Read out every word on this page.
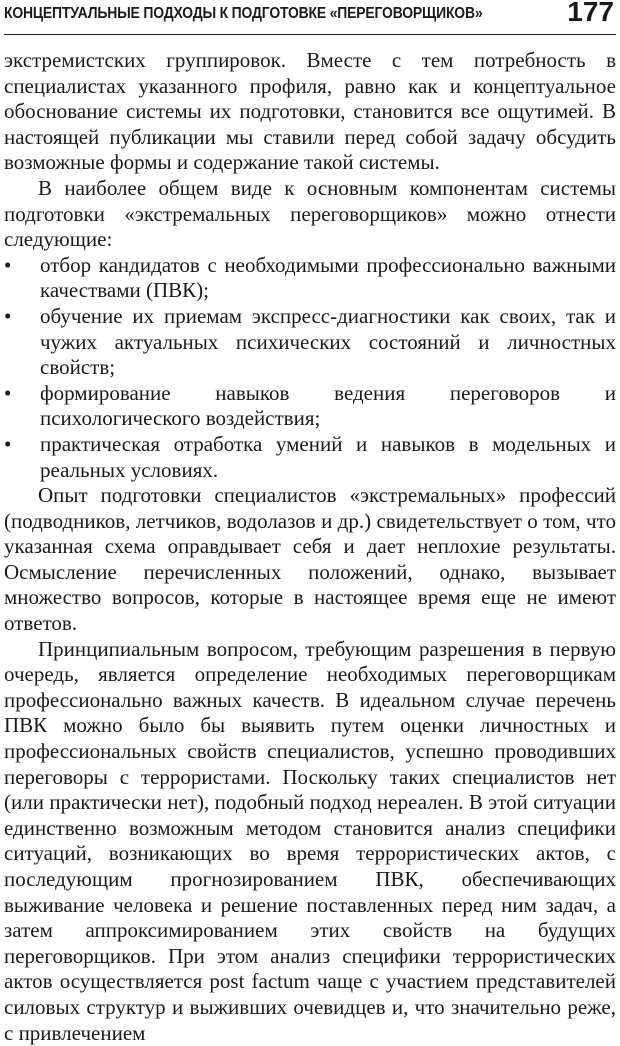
КОНЦЕПТУАЛЬНЫЕ ПОДХОДЫ К ПОДГОТОВКЕ «ПЕРЕГОВОРЩИКОВ»	177

экстремистских группировок. Вместе с тем потребность в специалистах указанного профиля, равно как и концептуальное обоснование системы их подготовки, становится все ощутимей. В настоящей публикации мы ставили перед собой задачу обсудить возможные формы и содержание такой системы.

В наиболее общем виде к основным компонентам системы подготовки «экстремальных переговорщиков» можно отнести следующие:

• отбор кандидатов с необходимыми профессионально важными качествами (ПВК);
• обучение их приемам экспресс-диагностики как своих, так и чужих актуальных психических состояний и личностных свойств;
• формирование навыков ведения переговоров и психологического воздействия;
• практическая отработка умений и навыков в модельных и реальных условиях.

Опыт подготовки специалистов «экстремальных» профессий (подводников, летчиков, водолазов и др.) свидетельствует о том, что указанная схема оправдывает себя и дает неплохие результаты. Осмысление перечисленных положений, однако, вызывает множество вопросов, которые в настоящее время еще не имеют ответов.

Принципиальным вопросом, требующим разрешения в первую очередь, является определение необходимых переговорщикам профессионально важных качеств. В идеальном случае перечень ПВК можно было бы выявить путем оценки личностных и профессиональных свойств специалистов, успешно проводивших переговоры с террористами. Поскольку таких специалистов нет (или практически нет), подобный подход нереален. В этой ситуации единственно возможным методом становится анализ специфики ситуаций, возникающих во время террористических актов, с последующим прогнозированием ПВК, обеспечивающих выживание человека и решение поставленных перед ним задач, а затем аппроксимированием этих свойств на будущих переговорщиков. При этом анализ специфики террористических актов осуществляется post factum чаще с участием представителей силовых структур и выживших очевидцев и, что значительно реже, с привлечением
